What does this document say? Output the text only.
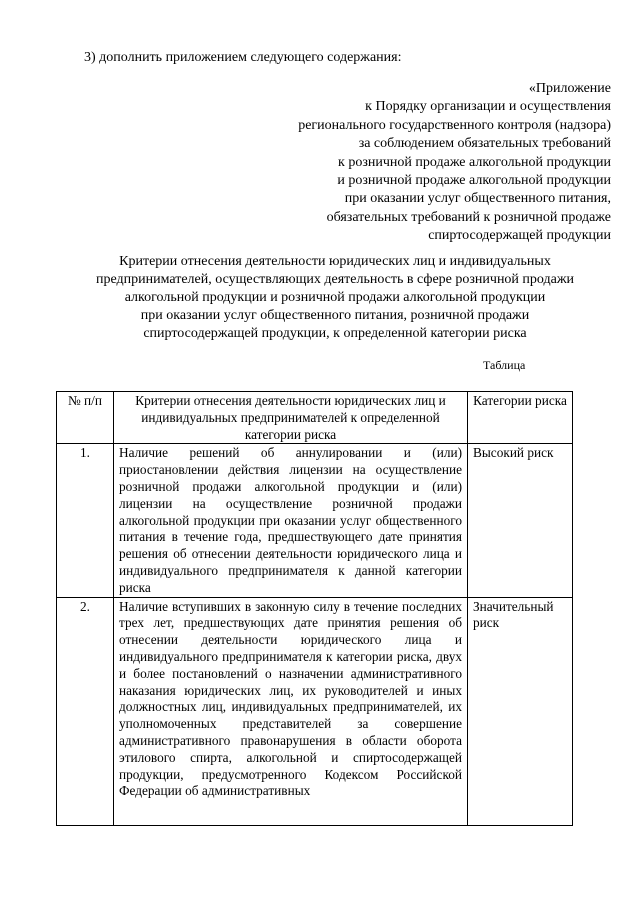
3) дополнить приложением следующего содержания:
«Приложение
к Порядку организации и осуществления
регионального государственного контроля (надзора)
за соблюдением обязательных требований
к розничной продаже алкогольной продукции
и розничной продаже алкогольной продукции
при оказании услуг общественного питания,
обязательных требований к розничной продаже
спиртосодержащей продукции
Критерии отнесения деятельности юридических лиц и индивидуальных
предпринимателей, осуществляющих деятельность в сфере розничной продажи
алкогольной продукции и розничной продажи алкогольной продукции
при оказании услуг общественного питания, розничной продажи
спиртосодержащей продукции, к определенной категории риска
Таблица
№ п/п	Критерии отнесения деятельности юридических лиц и индивидуальных предпринимателей к определенной категории риска	Категории риска
1.	Наличие решений об аннулировании и (или) приостановлении действия лицензии на осуществление розничной продажи алкогольной продукции и (или) лицензии на осуществление розничной продажи алкогольной продукции при оказании услуг общественного питания в течение года, предшествующего дате принятия решения об отнесении деятельности юридического лица и индивидуального предпринимателя к данной категории риска	Высокий риск

2.	Наличие вступивших в законную силу в течение последних трех лет, предшествующих дате принятия решения об отнесении деятельности юридического лица и индивидуального предпринимателя к категории риска, двух и более постановлений о назначении административного наказания юридических лиц, их руководителей и иных должностных лиц, индивидуальных предпринимателей, их уполномоченных представителей за совершение административного правонарушения в области оборота этилового спирта, алкогольной и спиртосодержащей продукции, предусмотренного Кодексом Российской Федерации об административных	Значительный риск
